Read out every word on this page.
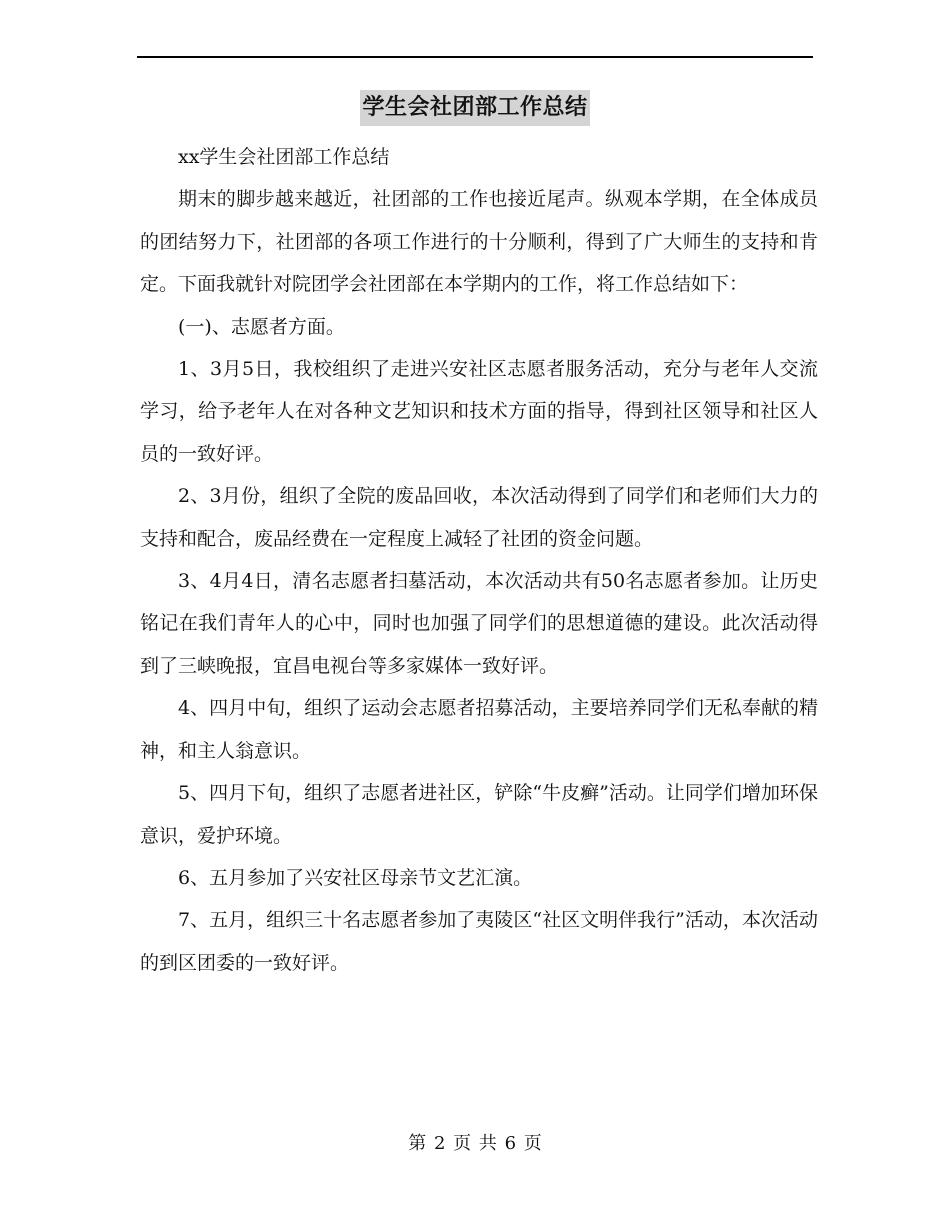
学生会社团部工作总结

xx学生会社团部工作总结

期末的脚步越来越近，社团部的工作也接近尾声。纵观本学期，在全体成员的团结努力下，社团部的各项工作进行的十分顺利，得到了广大师生的支持和肯定。下面我就针对院团学会社团部在本学期内的工作，将工作总结如下：

(一)、志愿者方面。

1、3月5日，我校组织了走进兴安社区志愿者服务活动，充分与老年人交流学习，给予老年人在对各种文艺知识和技术方面的指导，得到社区领导和社区人员的一致好评。

2、3月份，组织了全院的废品回收，本次活动得到了同学们和老师们大力的支持和配合，废品经费在一定程度上减轻了社团的资金问题。

3、4月4日，清名志愿者扫墓活动，本次活动共有50名志愿者参加。让历史铭记在我们青年人的心中，同时也加强了同学们的思想道德的建设。此次活动得到了三峡晚报，宜昌电视台等多家媒体一致好评。

4、四月中旬，组织了运动会志愿者招募活动，主要培养同学们无私奉献的精神，和主人翁意识。

5、四月下旬，组织了志愿者进社区，铲除“牛皮癣”活动。让同学们增加环保意识，爱护环境。

6、五月参加了兴安社区母亲节文艺汇演。

7、五月，组织三十名志愿者参加了夷陵区“社区文明伴我行”活动，本次活动的到区团委的一致好评。

第 2 页 共 6 页
